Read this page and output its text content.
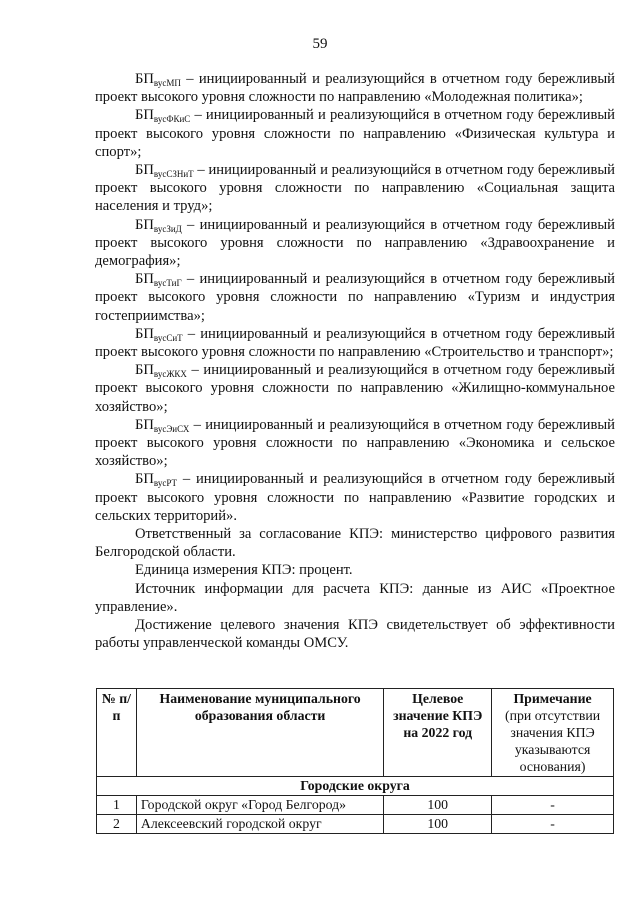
59

$БП_{вусМП}$ – инициированный и реализующийся в отчетном году бережливый проект высокого уровня сложности по направлению «Молодежная политика»;

$БП_{вусФКиС}$ – инициированный и реализующийся в отчетном году бережливый проект высокого уровня сложности по направлению «Физическая культура и спорт»;

$БП_{вусСЗНиТ}$ – инициированный и реализующийся в отчетном году бережливый проект высокого уровня сложности по направлению «Социальная защита населения и труд»;

$БП_{вусЗиД}$ – инициированный и реализующийся в отчетном году бережливый проект высокого уровня сложности по направлению «Здравоохранение и демография»;

$БП_{вусТиГ}$ – инициированный и реализующийся в отчетном году бережливый проект высокого уровня сложности по направлению «Туризм и индустрия гостеприимства»;

$БП_{вусСиТ}$ – инициированный и реализующийся в отчетном году бережливый проект высокого уровня сложности по направлению «Строительство и транспорт»;

$БП_{вусЖКХ}$ – инициированный и реализующийся в отчетном году бережливый проект высокого уровня сложности по направлению «Жилищно-коммунальное хозяйство»;

$БП_{вусЭиСХ}$ – инициированный и реализующийся в отчетном году бережливый проект высокого уровня сложности по направлению «Экономика и сельское хозяйство»;

$БП_{вусРТ}$ – инициированный и реализующийся в отчетном году бережливый проект высокого уровня сложности по направлению «Развитие городских и сельских территорий».

Ответственный за согласование КПЭ: министерство цифрового развития Белгородской области.

Единица измерения КПЭ: процент.

Источник информации для расчета КПЭ: данные из АИС «Проектное управление».

Достижение целевого значения КПЭ свидетельствует об эффективности работы управленческой команды ОМСУ.

№ п/п	Наименование муниципального образования области	Целевое значение КПЭ на 2022 год	Примечание
(при отсутствии значения КПЭ указываются основания)
Городские округа			
1	Городской округ «Город Белгород»	100	-
2	Алексеевский городской округ	100	-
